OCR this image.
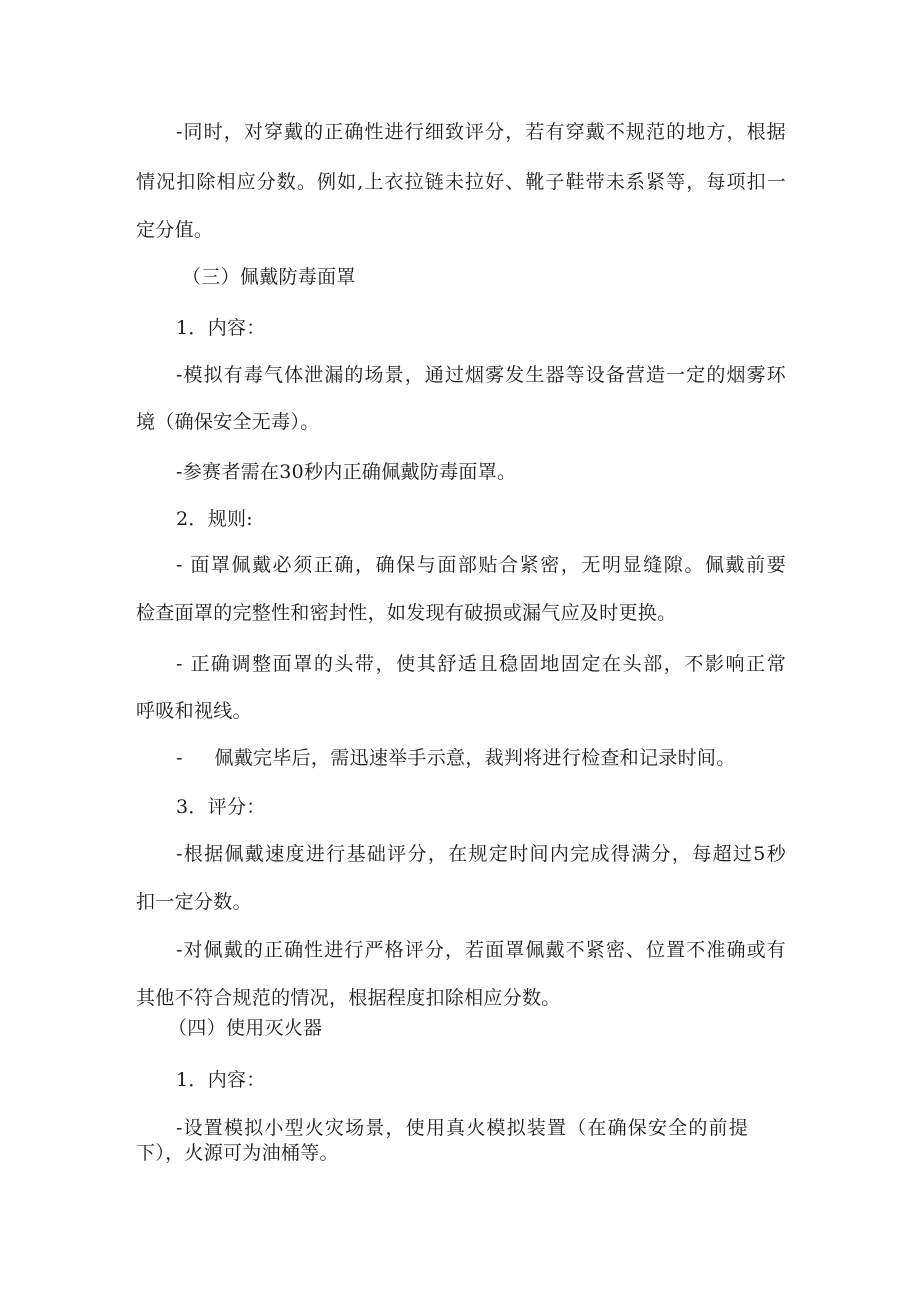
-同时，对穿戴的正确性进行细致评分，若有穿戴不规范的地方，根据
情况扣除相应分数。例如,上衣拉链未拉好、靴子鞋带未系紧等，每项扣一
定分值。
（三）佩戴防毒面罩
1．内容：
-模拟有毒气体泄漏的场景，通过烟雾发生器等设备营造一定的烟雾环
境（确保安全无毒）。
-参赛者需在30秒内正确佩戴防毒面罩。
2．规则:
- 面罩佩戴必须正确，确保与面部贴合紧密，无明显缝隙。佩戴前要
检查面罩的完整性和密封性，如发现有破损或漏气应及时更换。
- 正确调整面罩的头带，使其舒适且稳固地固定在头部，不影响正常
呼吸和视线。
-     佩戴完毕后，需迅速举手示意，裁判将进行检查和记录时间。
3．评分：
-根据佩戴速度进行基础评分，在规定时间内完成得满分，每超过5秒
扣一定分数。
-对佩戴的正确性进行严格评分，若面罩佩戴不紧密、位置不准确或有
其他不符合规范的情况，根据程度扣除相应分数。
（四）使用灭火器
1．内容：
-设置模拟小型火灾场景，使用真火模拟装置（在确保安全的前提
下），火源可为油桶等。
